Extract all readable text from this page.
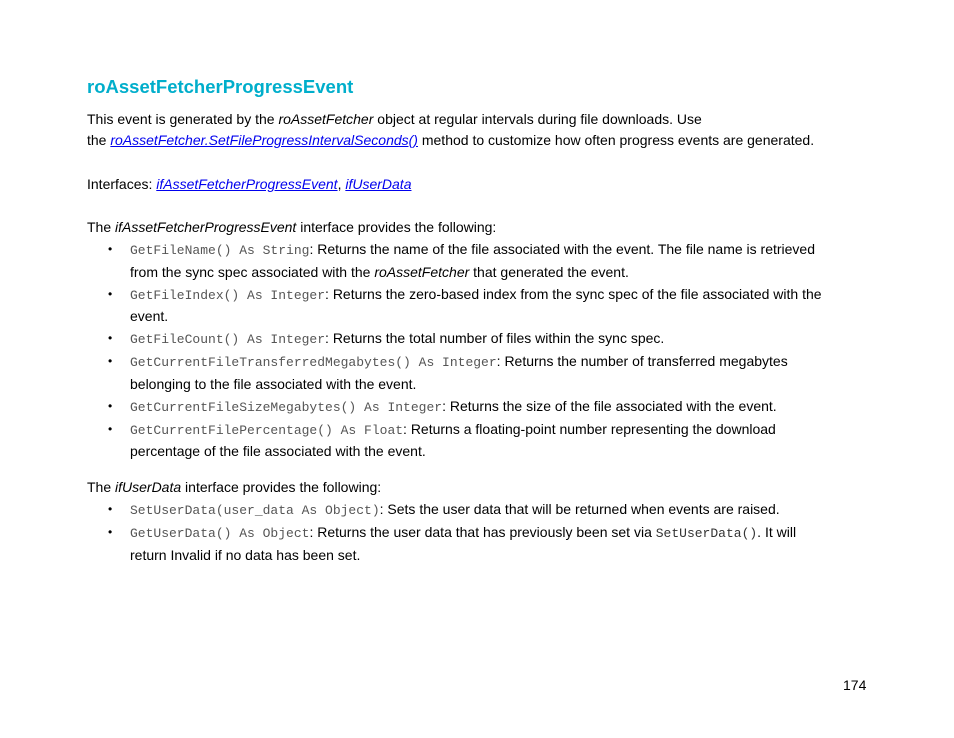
roAssetFetcherProgressEvent

This event is generated by the roAssetFetcher object at regular intervals during file downloads. Use
the roAssetFetcher.SetFileProgressIntervalSeconds() method to customize how often progress events are generated.

Interfaces: ifAssetFetcherProgressEvent, ifUserData

The ifAssetFetcherProgressEvent interface provides the following:

• GetFileName() As String: Returns the name of the file associated with the event. The file name is retrieved
from the sync spec associated with the roAssetFetcher that generated the event.
• GetFileIndex() As Integer: Returns the zero-based index from the sync spec of the file associated with the
event.
• GetFileCount() As Integer: Returns the total number of files within the sync spec.
• GetCurrentFileTransferredMegabytes() As Integer: Returns the number of transferred megabytes
belonging to the file associated with the event.
• GetCurrentFileSizeMegabytes() As Integer: Returns the size of the file associated with the event.
• GetCurrentFilePercentage() As Float: Returns a floating-point number representing the download
percentage of the file associated with the event.

The ifUserData interface provides the following:

• SetUserData(user_data As Object): Sets the user data that will be returned when events are raised.
• GetUserData() As Object: Returns the user data that has previously been set via SetUserData(). It will
return Invalid if no data has been set.
174
